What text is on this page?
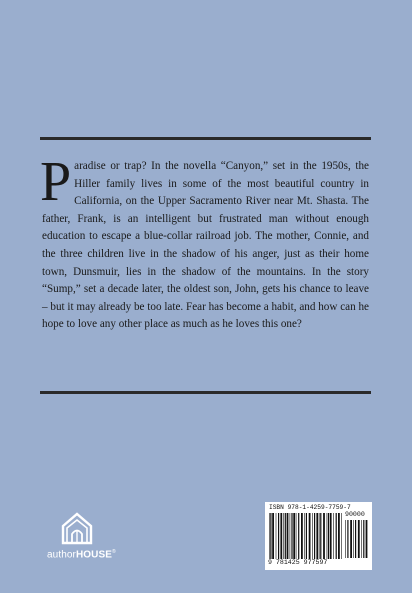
Paradise or trap? In the novella “Canyon,” set in the 1950s, the Hiller family lives in some of the most beautiful country in California, on the Upper Sacramento River near Mt. Shasta. The father, Frank, is an intelligent but frustrated man without enough education to escape a blue-collar railroad job. The mother, Connie, and the three children live in the shadow of his anger, just as their home town, Dunsmuir, lies in the shadow of the mountains. In the story “Sump,” set a decade later, the oldest son, John, gets his chance to leave – but it may already be too late. Fear has become a habit, and how can he hope to love any other place as much as he loves this one?

authorHOUSE®
ISBN 978-1-4259-7759-7
90000
9 781425 977597
